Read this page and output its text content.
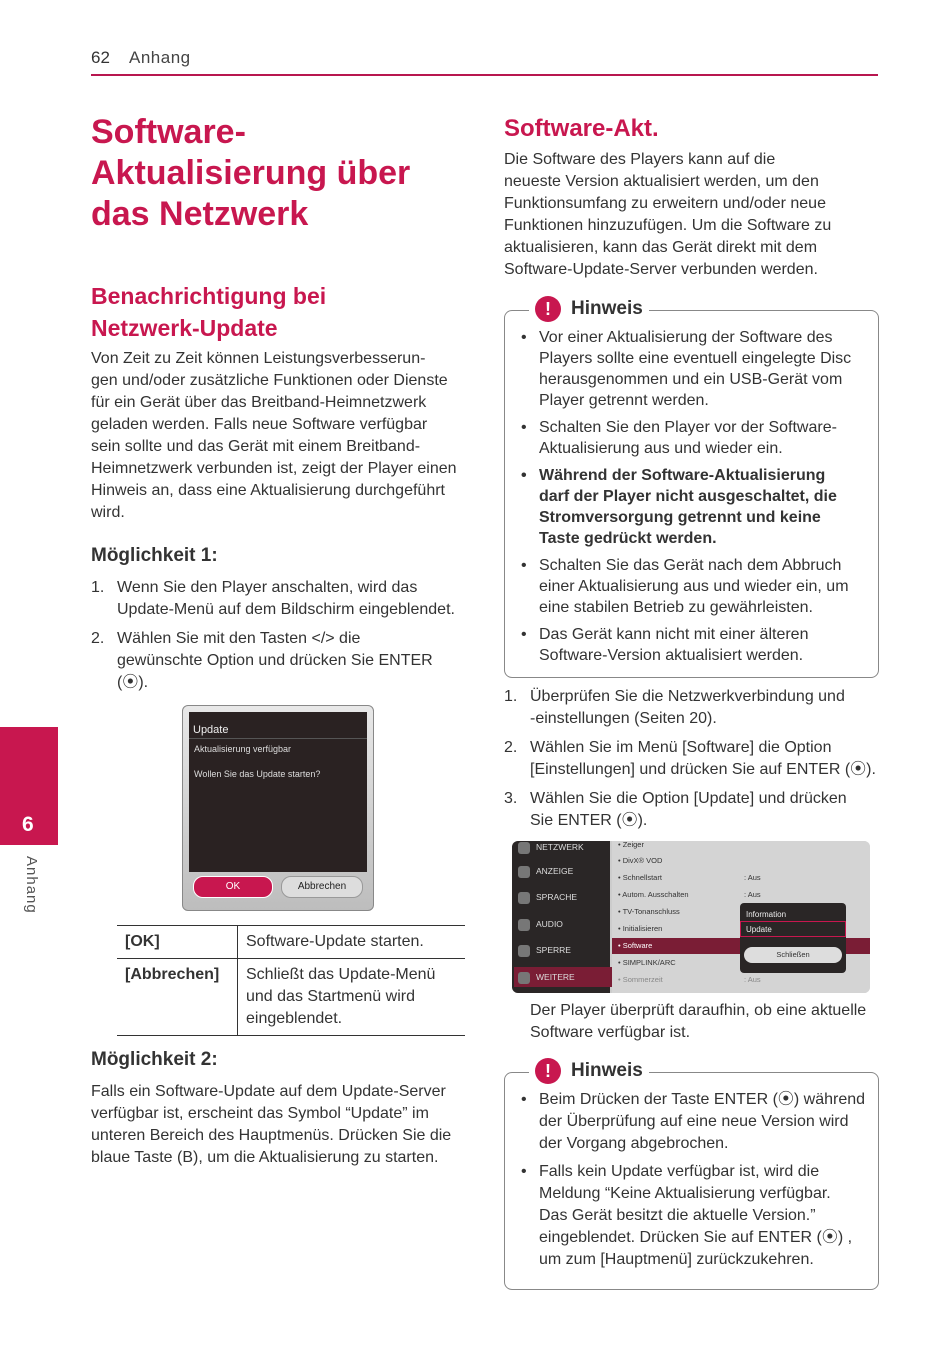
62 Anhang
6
Anhang
Software-
Aktualisierung über
das Netzwerk
Benachrichtigung bei
Netzwerk-Update

Von Zeit zu Zeit können Leistungsverbesserun-

gen und/oder zusätzliche Funktionen oder Dienste

für ein Gerät über das Breitband-Heimnetzwerk

geladen werden. Falls neue Software verfügbar

sein sollte und das Gerät mit einem Breitband-

Heimnetzwerk verbunden ist, zeigt der Player einen

Hinweis an, dass eine Aktualisierung durchgeführt

wird.

Möglichkeit 1:
1. Wenn Sie den Player anschalten, wird das
Update-Menü auf dem Bildschirm eingeblendet.
2. Wählen Sie mit den Tasten </> die
gewünschte Option und drücken Sie ENTER
(⦿).
Update
Aktualisierung verfügbar
Wollen Sie das Update starten?
OK	Abbrechen
[OK]	Software-Update starten.

[Abbrechen]	Schließt das Update-Menü
und das Startmenü wird
eingeblendet.
Möglichkeit 2:

Falls ein Software-Update auf dem Update-Server

verfügbar ist, erscheint das Symbol “Update” im

unteren Bereich des Hauptmenüs. Drücken Sie die

blaue Taste (B), um die Aktualisierung zu starten.

Software-Akt.

Die Software des Players kann auf die

neueste Version aktualisiert werden, um den

Funktionsumfang zu erweitern und/oder neue

Funktionen hinzuzufügen. Um die Software zu

aktualisieren, kann das Gerät direkt mit dem

Software-Update-Server verbunden werden.

!	Hinweis
• Vor einer Aktualisierung der Software des
Players sollte eine eventuell eingelegte Disc
herausgenommen und ein USB-Gerät vom
Player getrennt werden.
• Schalten Sie den Player vor der Software-
Aktualisierung aus und wieder ein.
• Während der Software-Aktualisierung
darf der Player nicht ausgeschaltet, die
Stromversorgung getrennt und keine
Taste gedrückt werden.
• Schalten Sie das Gerät nach dem Abbruch
einer Aktualisierung aus und wieder ein, um
eine stabilen Betrieb zu gewährleisten.
• Das Gerät kann nicht mit einer älteren
Software-Version aktualisiert werden.
1. Überprüfen Sie die Netzwerkverbindung und
-einstellungen (Seiten 20).
2. Wählen Sie im Menü [Software] die Option
[Einstellungen] und drücken Sie auf ENTER (⦿).
3. Wählen Sie die Option [Update] und drücken
Sie ENTER (⦿).
NETZWERK
ANZEIGE
SPRACHE
AUDIO
SPERRE
WEITERE
• Zeiger
• DivX® VOD
• Schnellstart	: Aus
• Autom. Ausschalten	: Aus
• TV-Tonanschluss
• Initialisieren
• Software
• SIMPLINK/ARC
• Sommerzeit	: Aus
Information
Update
Schließen

Der Player überprüft daraufhin, ob eine aktuelle

Software verfügbar ist.

!	Hinweis
• Beim Drücken der Taste ENTER (⦿) während
der Überprüfung auf eine neue Version wird
der Vorgang abgebrochen.
• Falls kein Update verfügbar ist, wird die
Meldung “Keine Aktualisierung verfügbar.
Das Gerät besitzt die aktuelle Version.”
eingeblendet. Drücken Sie auf ENTER (⦿) ,
um zum [Hauptmenü] zurückzukehren.
